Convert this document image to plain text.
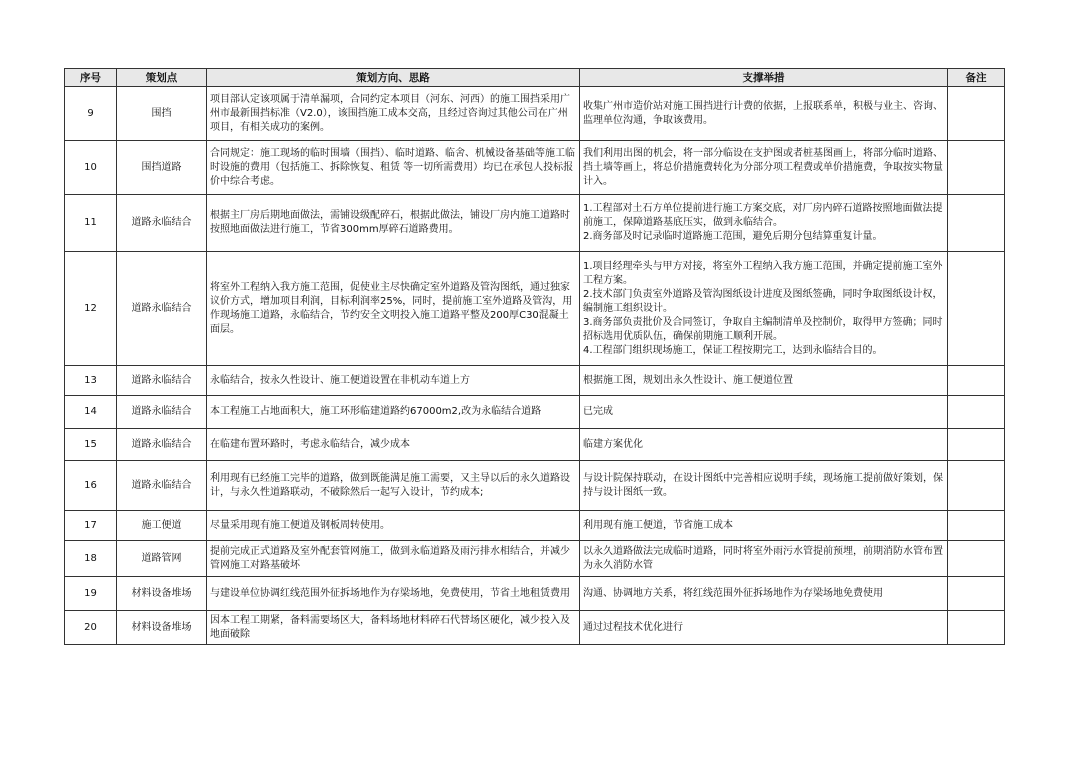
序号	策划点	策划方向、思路	支撑举措	备注
9	围挡	项目部认定该项属于清单漏项，合同约定本项目（河东、河西）的施工围挡采用广州市最新围挡标准（V2.0），该围挡施工成本交高，且经过咨询过其他公司在广州项目，有相关成功的案例。	收集广州市造价站对施工围挡进行计费的依据，上报联系单，积极与业主、咨询、监理单位沟通，争取该费用。	
10	围挡道路	合同规定：施工现场的临时围墙（围挡）、临时道路、临舍、机械设备基础等施工临时设施的费用（包括施工、拆除恢复、租赁 等一切所需费用）均已在承包人投标报价中综合考虑。	我们利用出图的机会，将一部分临设在支护图或者桩基图画上，将部分临时道路、挡土墙等画上，将总价措施费转化为分部分项工程费或单价措施费，争取按实物量计入。	
11	道路永临结合	根据主厂房后期地面做法，需铺设级配碎石，根据此做法，铺设厂房内施工道路时按照地面做法进行施工，节省300mm厚碎石道路费用。	1.工程部对土石方单位提前进行施工方案交底，对厂房内碎石道路按照地面做法提前施工，保障道路基底压实，做到永临结合。
2.商务部及时记录临时道路施工范围，避免后期分包结算重复计量。	

12	道路永临结合	将室外工程纳入我方施工范围，促使业主尽快确定室外道路及管沟图纸，通过独家议价方式，增加项目利润，目标利润率25%，同时，提前施工室外道路及管沟，用作现场施工道路，永临结合，节约安全文明投入施工道路平整及200厚C30混凝土面层。	1.项目经理牵头与甲方对接，将室外工程纳入我方施工范围，并确定提前施工室外工程方案。
2.技术部门负责室外道路及管沟图纸设计进度及图纸签确，同时争取图纸设计权，编制施工组织设计。
3.商务部负责批价及合同签订，争取自主编制清单及控制价，取得甲方签确；同时招标选用优质队伍，确保前期施工顺利开展。
4.工程部门组织现场施工，保证工程按期完工，达到永临结合目的。	

13	道路永临结合	永临结合，按永久性设计、施工便道设置在非机动车道上方	根据施工图，规划出永久性设计、施工便道位置	
14	道路永临结合	本工程施工占地面积大，施工环形临建道路约67000m2,改为永临结合道路	已完成	
15	道路永临结合	在临建布置环路时，考虑永临结合，减少成本	临建方案优化	
16	道路永临结合	利用现有已经施工完毕的道路，做到既能满足施工需要，又主导以后的永久道路设计，与永久性道路联动，不破除然后一起写入设计，节约成本;	与设计院保持联动，在设计图纸中完善相应说明手续，现场施工提前做好策划，保持与设计图纸一致。	
17	施工便道	尽量采用现有施工便道及钢板周转使用。	利用现有施工便道，节省施工成本	
18	道路管网	提前完成正式道路及室外配套管网施工，做到永临道路及雨污排水相结合，并减少管网施工对路基破坏	以永久道路做法完成临时道路，同时将室外雨污水管提前预埋，前期消防水管布置为永久消防水管	
19	材料设备堆场	与建设单位协调红线范围外征拆场地作为存梁场地，免费使用，节省土地租赁费用	沟通、协调地方关系，将红线范围外征拆场地作为存梁场地免费使用	
20	材料设备堆场	因本工程工期紧，备料需要场区大，备料场地材料碎石代替场区硬化，减少投入及地面破除	通过过程技术优化进行	
